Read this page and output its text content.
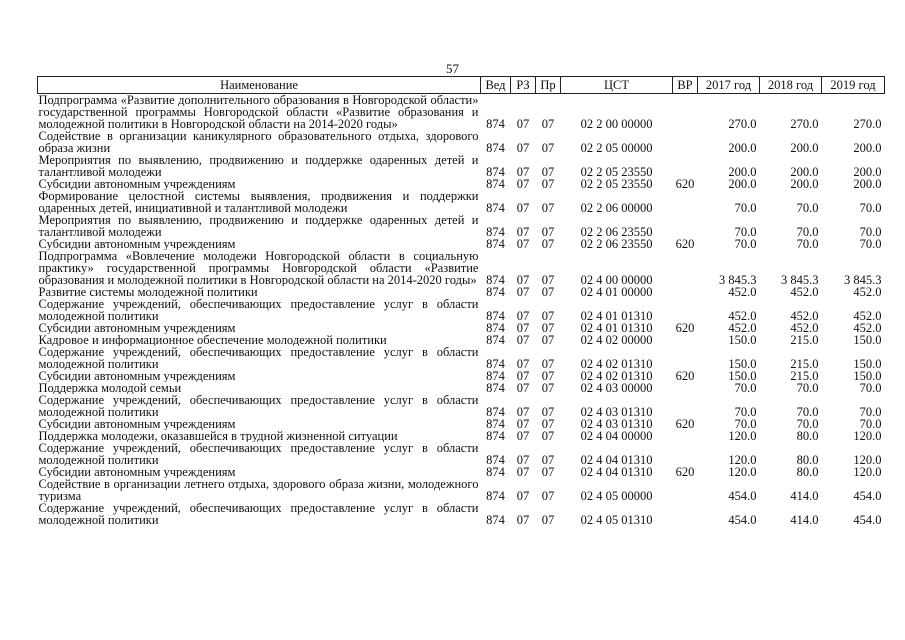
57
Наименование	Вед	РЗ	Пр	ЦСТ	ВР	2017 год	2018 год	2019 год
Подпрограмма «Развитие дополнительного образования в Новгородской области» государственной программы Новгородской области «Развитие образования и молодежной политики в Новгородской области на 2014-2020 годы»	874	07	07	02 2 00 00000		270.0	270.0	270.0
Содействие в организации каникулярного образовательного отдыха, здорового образа жизни	874	07	07	02 2 05 00000		200.0	200.0	200.0
Мероприятия по выявлению, продвижению и поддержке одаренных детей и талантливой молодежи	874	07	07	02 2 05 23550		200.0	200.0	200.0
Субсидии автономным учреждениям	874	07	07	02 2 05 23550	620	200.0	200.0	200.0
Формирование целостной системы выявления, продвижения и поддержки одаренных детей, инициативной и талантливой молодежи	874	07	07	02 2 06 00000		70.0	70.0	70.0
Мероприятия по выявлению, продвижению и поддержке одаренных детей и талантливой молодежи	874	07	07	02 2 06 23550		70.0	70.0	70.0
Субсидии автономным учреждениям	874	07	07	02 2 06 23550	620	70.0	70.0	70.0
Подпрограмма «Вовлечение молодежи Новгородской области в социальную практику» государственной программы Новгородской области «Развитие образования и молодежной политики в Новгородской области на 2014-2020 годы»	874	07	07	02 4 00 00000		3 845.3	3 845.3	3 845.3
Развитие системы молодежной политики	874	07	07	02 4 01 00000		452.0	452.0	452.0
Содержание учреждений, обеспечивающих предоставление услуг в области молодежной политики	874	07	07	02 4 01 01310		452.0	452.0	452.0
Субсидии автономным учреждениям	874	07	07	02 4 01 01310	620	452.0	452.0	452.0
Кадровое и информационное обеспечение молодежной политики	874	07	07	02 4 02 00000		150.0	215.0	150.0
Содержание учреждений, обеспечивающих предоставление услуг в области молодежной политики	874	07	07	02 4 02 01310		150.0	215.0	150.0
Субсидии автономным учреждениям	874	07	07	02 4 02 01310	620	150.0	215.0	150.0
Поддержка молодой семьи	874	07	07	02 4 03 00000		70.0	70.0	70.0
Содержание учреждений, обеспечивающих предоставление услуг в области молодежной политики	874	07	07	02 4 03 01310		70.0	70.0	70.0
Субсидии автономным учреждениям	874	07	07	02 4 03 01310	620	70.0	70.0	70.0
Поддержка молодежи, оказавшейся в трудной жизненной ситуации	874	07	07	02 4 04 00000		120.0	80.0	120.0
Содержание учреждений, обеспечивающих предоставление услуг в области молодежной политики	874	07	07	02 4 04 01310		120.0	80.0	120.0
Субсидии автономным учреждениям	874	07	07	02 4 04 01310	620	120.0	80.0	120.0
Содействие в организации летнего отдыха, здорового образа жизни, молодежного туризма	874	07	07	02 4 05 00000		454.0	414.0	454.0
Содержание учреждений, обеспечивающих предоставление услуг в области молодежной политики	874	07	07	02 4 05 01310		454.0	414.0	454.0
